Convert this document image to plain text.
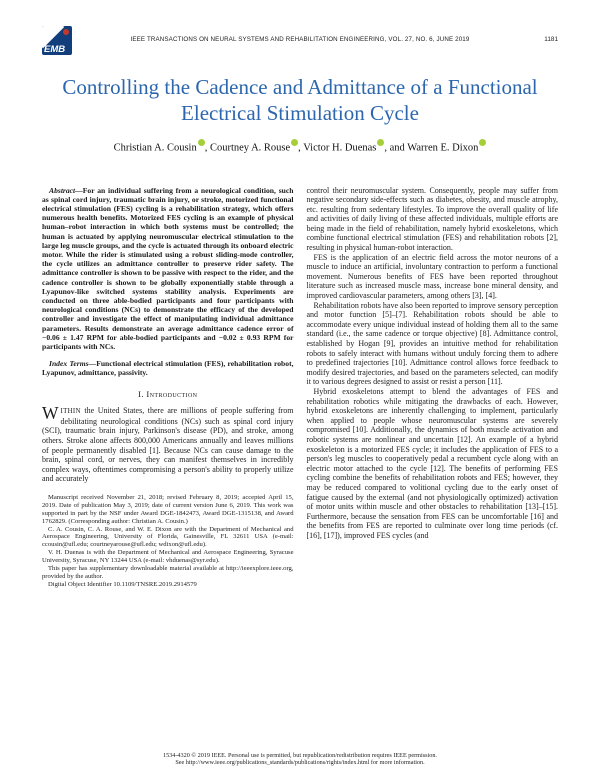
EMB
IEEE TRANSACTIONS ON NEURAL SYSTEMS AND REHABILITATION ENGINEERING, VOL. 27, NO. 6, JUNE 2019	1181
Controlling the Cadence and Admittance of a Functional Electrical Stimulation Cycle
Christian A. Cousin , Courtney A. Rouse , Victor H. Duenas , and Warren E. Dixon

Abstract—For an individual suffering from a neurological condition, such as spinal cord injury, traumatic brain injury, or stroke, motorized functional electrical stimulation (FES) cycling is a rehabilitation strategy, which offers numerous health benefits. Motorized FES cycling is an example of physical human–robot interaction in which both systems must be controlled; the human is actuated by applying neuromuscular electrical stimulation to the large leg muscle groups, and the cycle is actuated through its onboard electric motor. While the rider is stimulated using a robust sliding-mode controller, the cycle utilizes an admittance controller to preserve rider safety. The admittance controller is shown to be passive with respect to the rider, and the cadence controller is shown to be globally exponentially stable through a Lyapunov-like switched systems stability analysis. Experiments are conducted on three able-bodied participants and four participants with neurological conditions (NCs) to demonstrate the efficacy of the developed controller and investigate the effect of manipulating individual admittance parameters. Results demonstrate an average admittance cadence error of −0.06 ± 1.47 RPM for able-bodied participants and −0.02 ± 0.93 RPM for participants with NCs.

Index Terms—Functional electrical stimulation (FES), rehabilitation robot, Lyapunov, admittance, passivity.

I. Introduction

WITHIN the United States, there are millions of people suffering from debilitating neurological conditions (NCs) such as spinal cord injury (SCI), traumatic brain injury, Parkinson's disease (PD), and stroke, among others. Stroke alone affects 800,000 Americans annually and leaves millions of people permanently disabled [1]. Because NCs can cause damage to the brain, spinal cord, or nerves, they can manifest themselves in incredibly complex ways, oftentimes compromising a person's ability to properly utilize and accurately

Manuscript received November 21, 2018; revised February 8, 2019; accepted April 15, 2019. Date of publication May 3, 2019; date of current version June 6, 2019. This work was supported in part by the NSF under Award DGE-1842473, Award DGE-1315138, and Award 1762829. (Corresponding author: Christian A. Cousin.)

C. A. Cousin, C. A. Rouse, and W. E. Dixon are with the Department of Mechanical and Aerospace Engineering, University of Florida, Gainesville, FL 32611 USA (e-mail: ccousin@ufl.edu; courtneyarouse@ufl.edu; wdixon@ufl.edu).

V. H. Duenas is with the Department of Mechanical and Aerospace Engineering, Syracuse University, Syracuse, NY 13244 USA (e-mail: vhduenas@syr.edu).

This paper has supplementary downloadable material available at http://ieeexplore.ieee.org, provided by the author.

Digital Object Identifier 10.1109/TNSRE.2019.2914579

control their neuromuscular system. Consequently, people may suffer from negative secondary side-effects such as diabetes, obesity, and muscle atrophy, etc. resulting from sedentary lifestyles. To improve the overall quality of life and activities of daily living of these affected individuals, multiple efforts are being made in the field of rehabilitation, namely hybrid exoskeletons, which combine functional electrical stimulation (FES) and rehabilitation robots [2], resulting in physical human-robot interaction.

FES is the application of an electric field across the motor neurons of a muscle to induce an artificial, involuntary contraction to perform a functional movement. Numerous benefits of FES have been reported throughout literature such as increased muscle mass, increase bone mineral density, and improved cardiovascular parameters, among others [3], [4].

Rehabilitation robots have also been reported to improve sensory perception and motor function [5]–[7]. Rehabilitation robots should be able to accommodate every unique individual instead of holding them all to the same standard (i.e., the same cadence or torque objective) [8]. Admittance control, established by Hogan [9], provides an intuitive method for rehabilitation robots to safely interact with humans without unduly forcing them to adhere to predefined trajectories [10]. Admittance control allows force feedback to modify desired trajectories, and based on the parameters selected, can modify it to various degrees designed to assist or resist a person [11].

Hybrid exoskeletons attempt to blend the advantages of FES and rehabilitation robotics while mitigating the drawbacks of each. However, hybrid exoskeletons are inherently challenging to implement, particularly when applied to people whose neuromuscular systems are severely compromised [10]. Additionally, the dynamics of both muscle activation and robotic systems are nonlinear and uncertain [12]. An example of a hybrid exoskeleton is a motorized FES cycle; it includes the application of FES to a person's leg muscles to cooperatively pedal a recumbent cycle along with an electric motor attached to the cycle [12]. The benefits of performing FES cycling combine the benefits of rehabilitation robots and FES; however, they may be reduced compared to volitional cycling due to the early onset of fatigue caused by the external (and not physiologically optimized) activation of motor units within muscle and other obstacles to rehabilitation [13]–[15]. Furthermore, because the sensation from FES can be uncomfortable [16] and the benefits from FES are reported to culminate over long time periods (cf. [16], [17]), improved FES cycles (and

1534-4320 © 2019 IEEE. Personal use is permitted, but republication/redistribution requires IEEE permission.
See http://www.ieee.org/publications_standards/publications/rights/index.html for more information.
